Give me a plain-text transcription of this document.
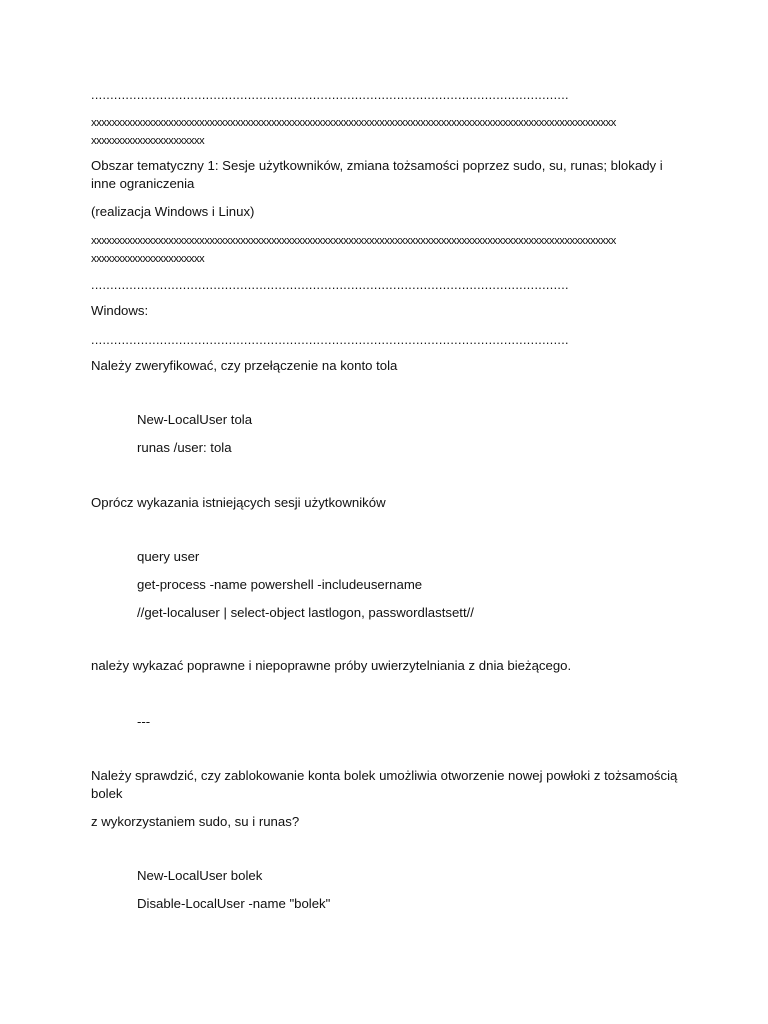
.............................................................................................................................
xxxxxxxxxxxxxxxxxxxxxxxxxxxxxxxxxxxxxxxxxxxxxxxxxxxxxxxxxxxxxxxxxxxxxxxxxxxxxxxxxxxxxxxxxxxxxxxxxxxxxx
xxxxxxxxxxxxxxxxxxxxxx
Obszar tematyczny 1: Sesje użytkowników, zmiana tożsamości poprzez sudo, su, runas; blokady i inne ograniczenia
(realizacja Windows i Linux)
xxxxxxxxxxxxxxxxxxxxxxxxxxxxxxxxxxxxxxxxxxxxxxxxxxxxxxxxxxxxxxxxxxxxxxxxxxxxxxxxxxxxxxxxxxxxxxxxxxxxxx
xxxxxxxxxxxxxxxxxxxxxx
.............................................................................................................................
Windows:
.............................................................................................................................
Należy zweryfikować, czy przełączenie na konto tola
New-LocalUser tola
runas /user: tola
Oprócz wykazania istniejących sesji użytkowników
query user
get-process -name powershell -includeusername
//get-localuser | select-object lastlogon, passwordlastsett//
należy wykazać poprawne i niepoprawne próby uwierzytelniania z dnia bieżącego.
---
Należy sprawdzić, czy zablokowanie konta bolek umożliwia otworzenie nowej powłoki z tożsamością bolek
z wykorzystaniem sudo, su i runas?
New-LocalUser bolek
Disable-LocalUser -name "bolek"
